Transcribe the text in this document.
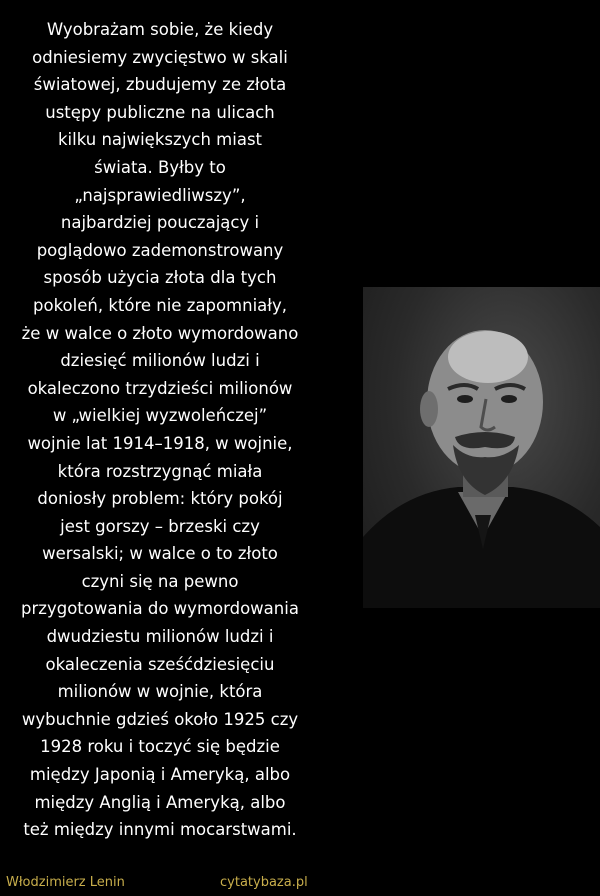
Wyobrażam sobie, że kiedy
odniesiemy zwycięstwo w skali
światowej, zbudujemy ze złota
ustępy publiczne na ulicach
kilku największych miast
świata. Byłby to
„najsprawiedliwszy”,
najbardziej pouczający i
poglądowo zademonstrowany
sposób użycia złota dla tych
pokoleń, które nie zapomniały,
że w walce o złoto wymordowano
dziesięć milionów ludzi i
okaleczono trzydzieści milionów
w „wielkiej wyzwoleńczej”
wojnie lat 1914–1918, w wojnie,
która rozstrzygnąć miała
doniosły problem: który pokój
jest gorszy – brzeski czy
wersalski; w walce o to złoto
czyni się na pewno
przygotowania do wymordowania
dwudziestu milionów ludzi i
okaleczenia sześćdziesięciu
milionów w wojnie, która
wybuchnie gdzieś około 1925 czy
1928 roku i toczyć się będzie
między Japonią i Ameryką, albo
między Anglią i Ameryką, albo
też między innymi mocarstwami.

Włodzimierz Lenin	cytatybaza.pl
